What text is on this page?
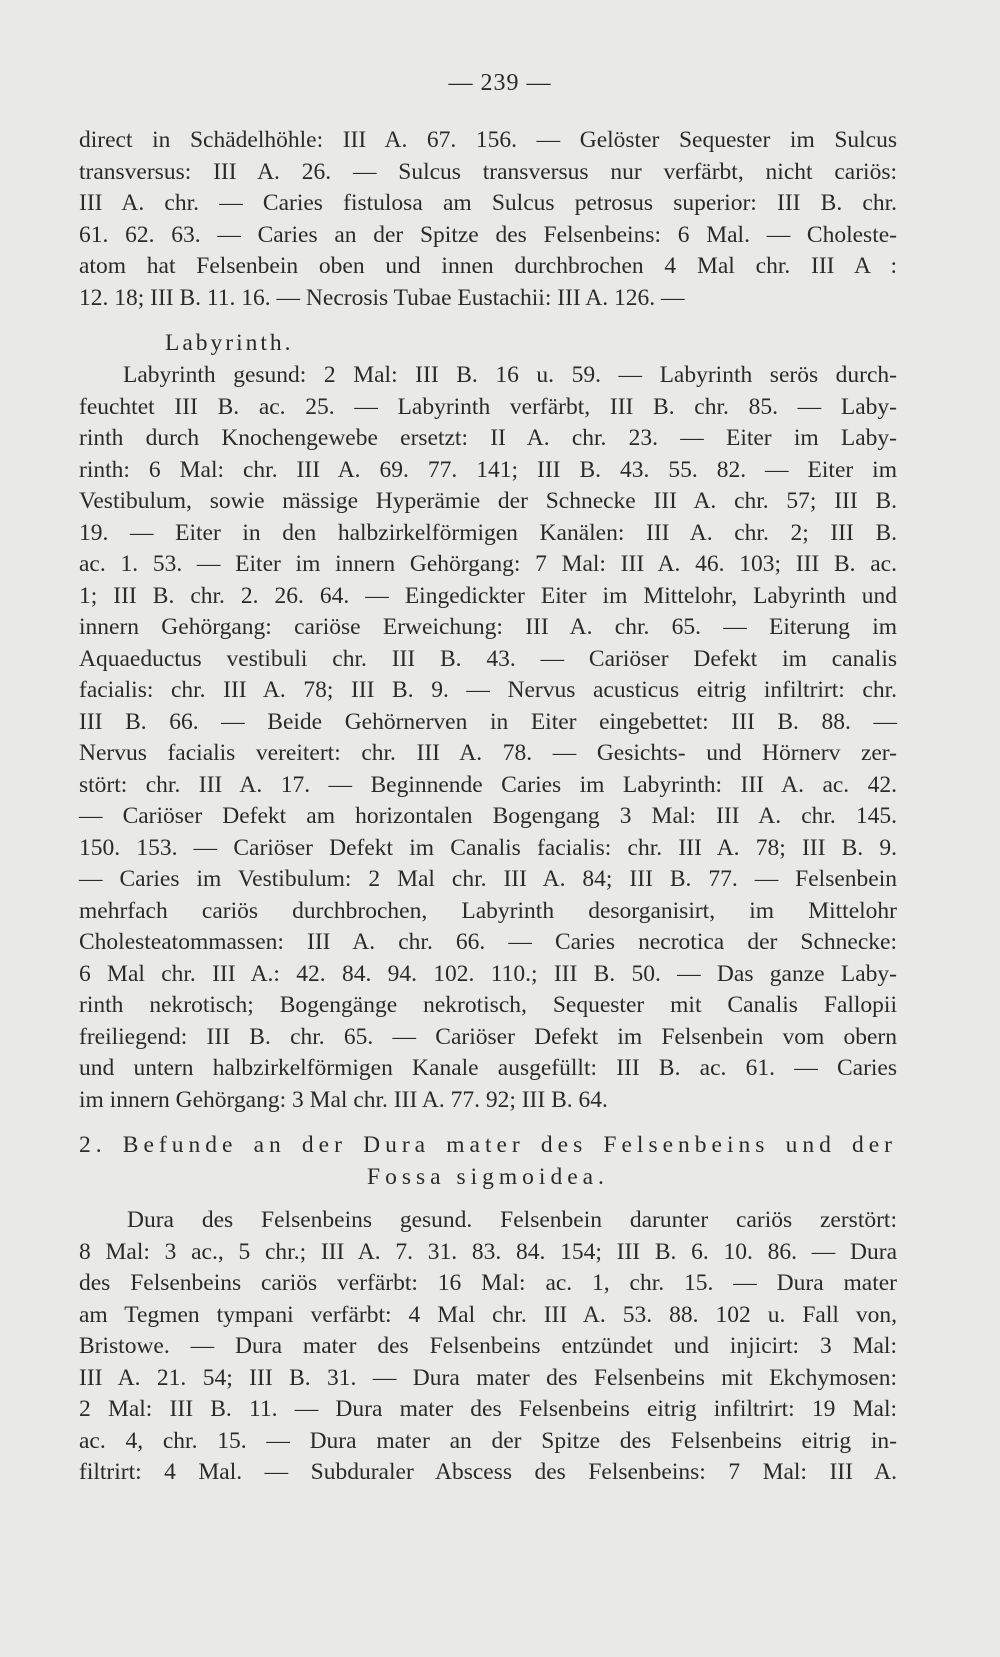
— 239 —
direct in Schädelhöhle: III A. 67. 156. — Gelöster Sequester im Sulcus
transversus: III A. 26. — Sulcus transversus nur verfärbt, nicht cariös:
III A. chr. — Caries fistulosa am Sulcus petrosus superior: III B. chr.
61. 62. 63. — Caries an der Spitze des Felsenbeins: 6 Mal. — Choleste-
atom hat Felsenbein oben und innen durchbrochen 4 Mal chr. III A :
12. 18; III B. 11. 16. — Necrosis Tubae Eustachii: III A. 126. —
Labyrinth.
Labyrinth gesund: 2 Mal: III B. 16 u. 59. — Labyrinth serös durch-
feuchtet III B. ac. 25. — Labyrinth verfärbt, III B. chr. 85. — Laby-
rinth durch Knochengewebe ersetzt: II A. chr. 23. — Eiter im Laby-
rinth: 6 Mal: chr. III A. 69. 77. 141; III B. 43. 55. 82. — Eiter im
Vestibulum, sowie mässige Hyperämie der Schnecke III A. chr. 57; III B.
19. — Eiter in den halbzirkelförmigen Kanälen: III A. chr. 2; III B.
ac. 1. 53. — Eiter im innern Gehörgang: 7 Mal: III A. 46. 103; III B. ac.
1; III B. chr. 2. 26. 64. — Eingedickter Eiter im Mittelohr, Labyrinth und
innern Gehörgang: cariöse Erweichung: III A. chr. 65. — Eiterung im
Aquaeductus vestibuli chr. III B. 43. — Cariöser Defekt im canalis
facialis: chr. III A. 78; III B. 9. — Nervus acusticus eitrig infiltrirt: chr.
III B. 66. — Beide Gehörnerven in Eiter eingebettet: III B. 88. —
Nervus facialis vereitert: chr. III A. 78. — Gesichts- und Hörnerv zer-
stört: chr. III A. 17. — Beginnende Caries im Labyrinth: III A. ac. 42.
— Cariöser Defekt am horizontalen Bogengang 3 Mal: III A. chr. 145.
150. 153. — Cariöser Defekt im Canalis facialis: chr. III A. 78; III B. 9.
— Caries im Vestibulum: 2 Mal chr. III A. 84; III B. 77. — Felsenbein
mehrfach cariös durchbrochen, Labyrinth desorganisirt, im Mittelohr
Cholesteatommassen: III A. chr. 66. — Caries necrotica der Schnecke:
6 Mal chr. III A.: 42. 84. 94. 102. 110.; III B. 50. — Das ganze Laby-
rinth nekrotisch; Bogengänge nekrotisch, Sequester mit Canalis Fallopii
freiliegend: III B. chr. 65. — Cariöser Defekt im Felsenbein vom obern
und untern halbzirkelförmigen Kanale ausgefüllt: III B. ac. 61. — Caries
im innern Gehörgang: 3 Mal chr. III A. 77. 92; III B. 64.
2. Befunde an der Dura mater des Felsenbeins und der
Fossa sigmoidea.
Dura des Felsenbeins gesund. Felsenbein darunter cariös zerstört:
8 Mal: 3 ac., 5 chr.; III A. 7. 31. 83. 84. 154; III B. 6. 10. 86. — Dura
des Felsenbeins cariös verfärbt: 16 Mal: ac. 1, chr. 15. — Dura mater
am Tegmen tympani verfärbt: 4 Mal chr. III A. 53. 88. 102 u. Fall von,
Bristowe. — Dura mater des Felsenbeins entzündet und injicirt: 3 Mal:
III A. 21. 54; III B. 31. — Dura mater des Felsenbeins mit Ekchymosen:
2 Mal: III B. 11. — Dura mater des Felsenbeins eitrig infiltrirt: 19 Mal:
ac. 4, chr. 15. — Dura mater an der Spitze des Felsenbeins eitrig in-
filtrirt: 4 Mal. — Subduraler Abscess des Felsenbeins: 7 Mal: III A.
